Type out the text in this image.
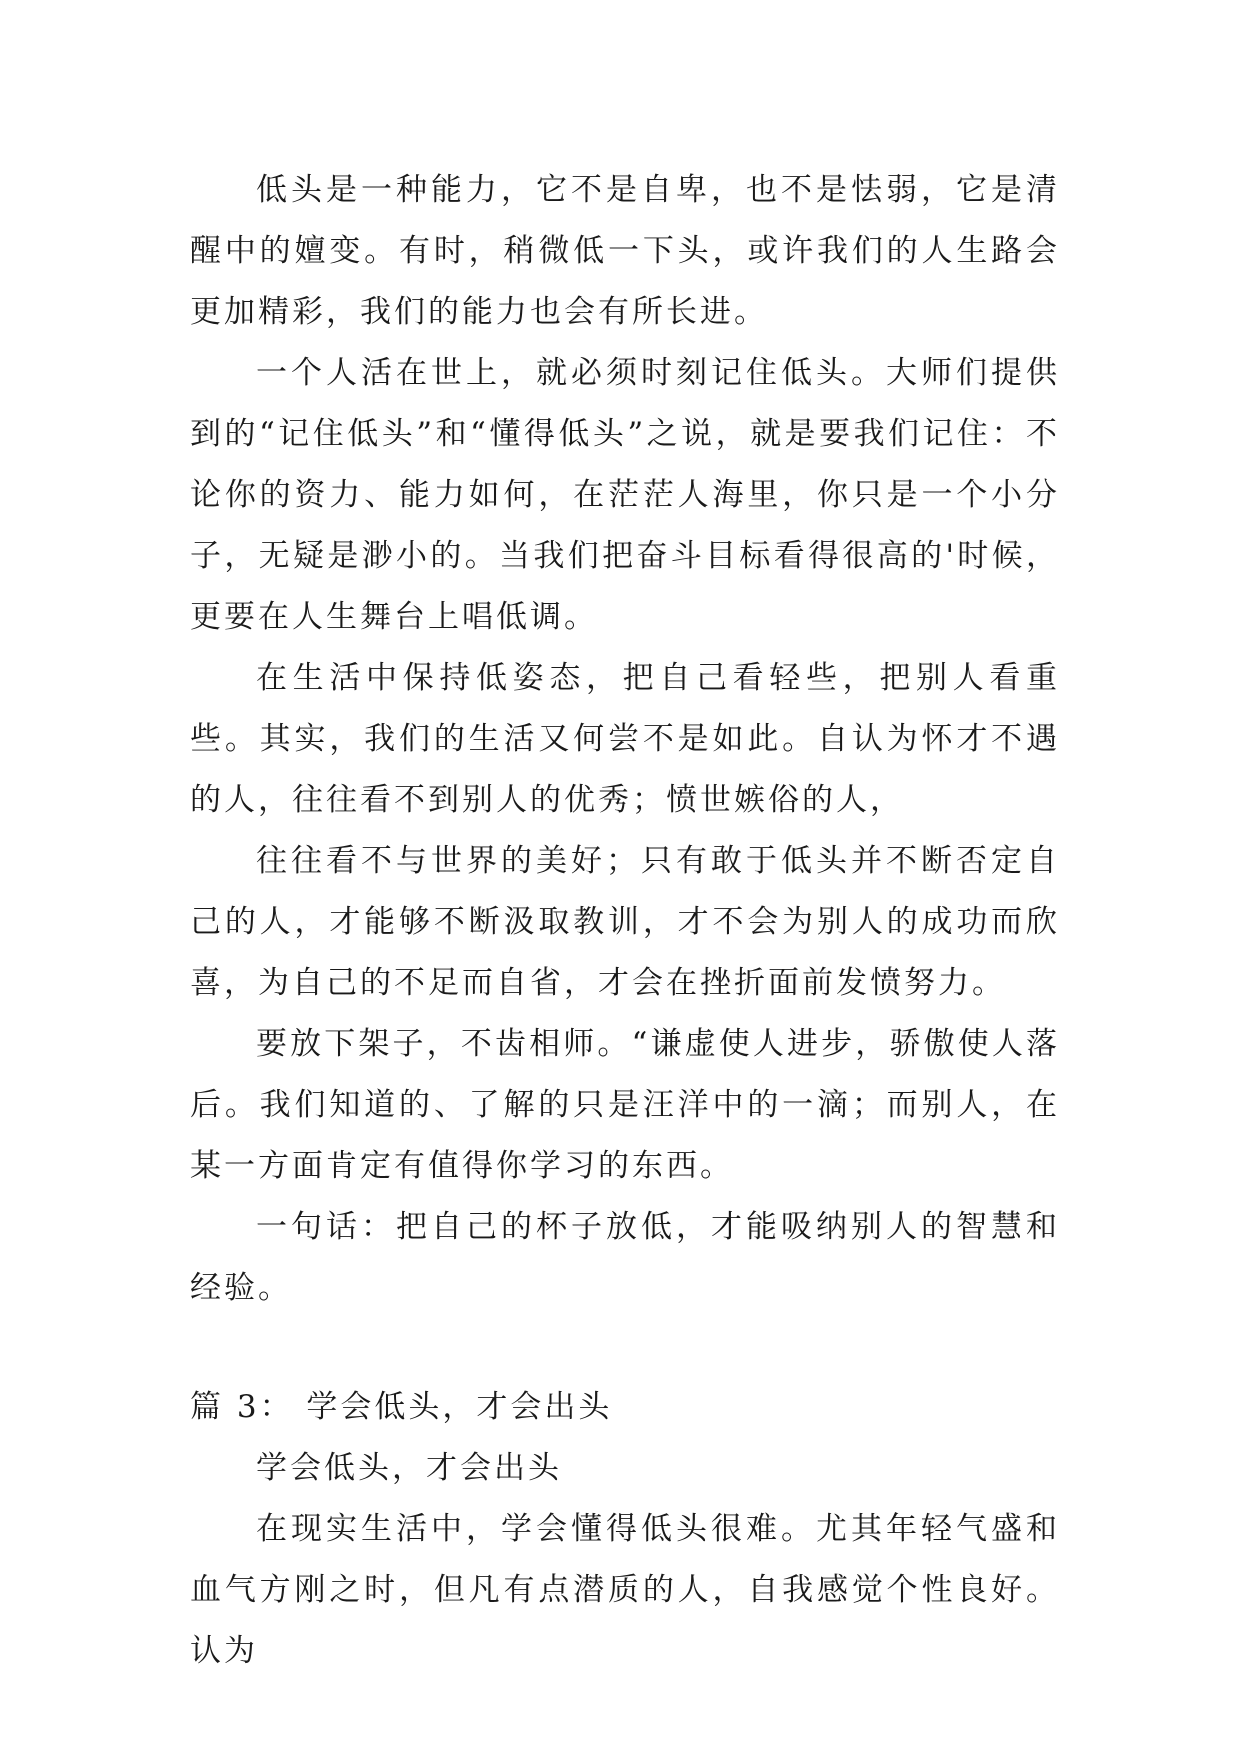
低头是一种能力，它不是自卑，也不是怯弱，它是清醒中的嬗变。有时，稍微低一下头，或许我们的人生路会更加精彩，我们的能力也会有所长进。

一个人活在世上，就必须时刻记住低头。大师们提供到的“记住低头”和“懂得低头”之说，就是要我们记住：不论你的资力、能力如何，在茫茫人海里，你只是一个小分子，无疑是渺小的。当我们把奋斗目标看得很高的'时候，更要在人生舞台上唱低调。

在生活中保持低姿态，把自己看轻些，把别人看重些。其实，我们的生活又何尝不是如此。自认为怀才不遇的人，往往看不到别人的优秀；愤世嫉俗的人，

往往看不与世界的美好；只有敢于低头并不断否定自己的人，才能够不断汲取教训，才不会为别人的成功而欣喜，为自己的不足而自省，才会在挫折面前发愤努力。

要放下架子，不齿相师。“谦虚使人进步，骄傲使人落后。我们知道的、了解的只是汪洋中的一滴；而别人，在某一方面肯定有值得你学习的东西。

一句话：把自己的杯子放低，才能吸纳别人的智慧和经验。

篇 3： 学会低头，才会出头

学会低头，才会出头

在现实生活中，学会懂得低头很难。尤其年轻气盛和血气方刚之时，但凡有点潜质的人，自我感觉个性良好。认为
